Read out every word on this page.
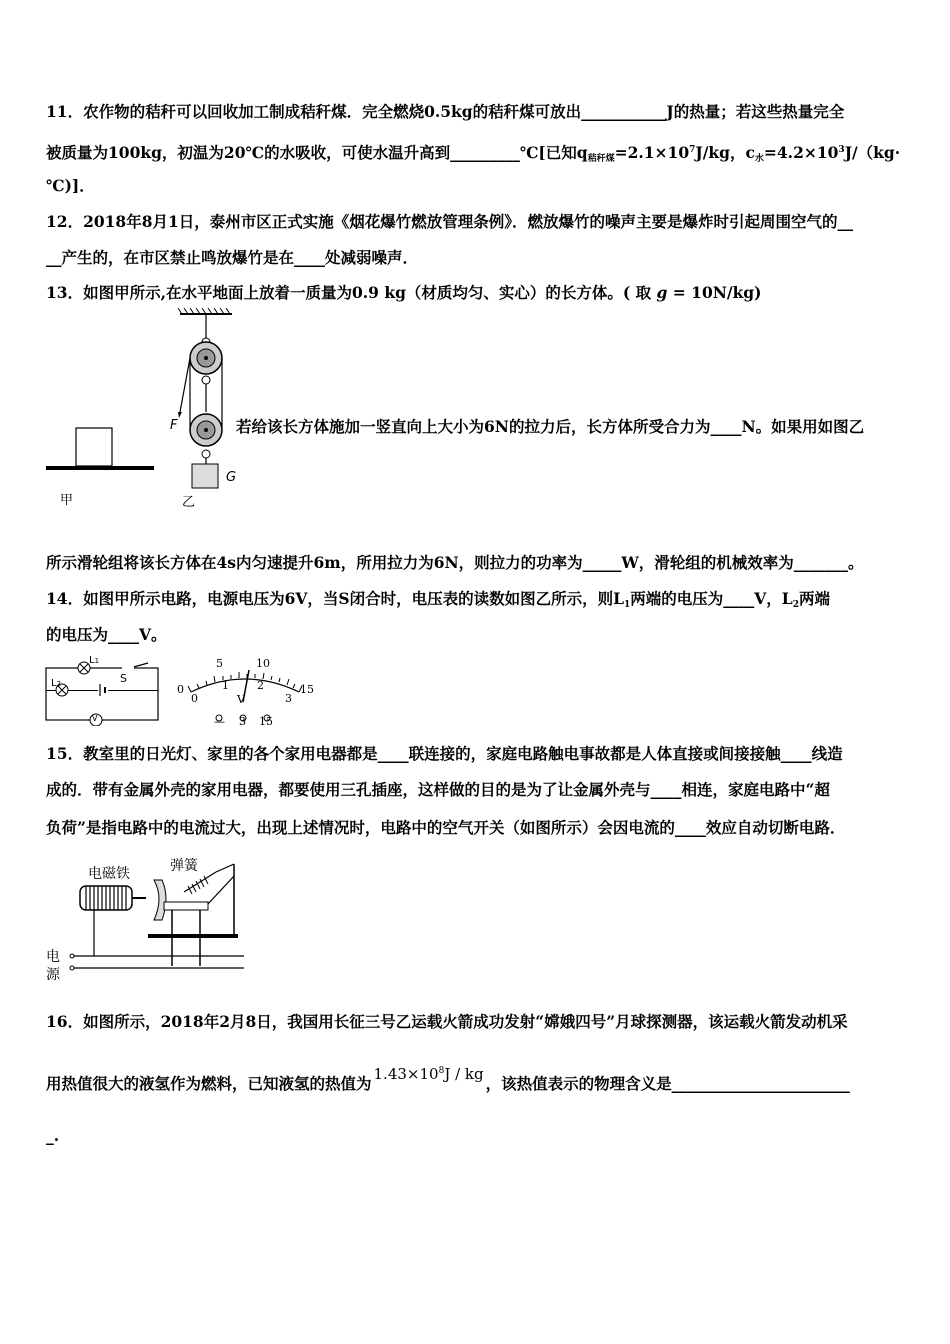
11．农作物的秸秆可以回收加工制成秸秆煤．完全燃烧0.5kg的秸秆煤可放出___________J的热量；若这些热量完全
被质量为100kg，初温为20℃的水吸收，可使水温升高到_________℃[已知$q_{秸秆煤}=2.1\times 10^7J/kg$，$c_水=4.2\times 10^3J/(kg\cdot$
℃)]．
12．2018年8月1日，泰州市区正式实施《烟花爆竹燃放管理条例》．燃放爆竹的噪声主要是爆炸时引起周围空气的__
__产生的，在市区禁止鸣放爆竹是在____处减弱噪声．
13．如图甲所示,在水平地面上放着一质量为0.9 kg（材质均匀、实心）的长方体。( 取 g = 10N/kg)
甲
F
G
乙
若给该长方体施加一竖直向上大小为6N的拉力后，长方体所受合力为____N。如果用如图乙
所示滑轮组将该长方体在4s内匀速提升6m，所用拉力为6N，则拉力的功率为_____W，滑轮组的机械效率为_______。
14．如图甲所示电路，电源电压为6V，当S闭合时，电压表的读数如图乙所示，则$L_1$两端的电压为____V，$L_2$两端
的电压为____V。
L1
L2	S
V
5	10
0	15
0
1	2
3
V
— 3 15
15．教室里的日光灯、家里的各个家用电器都是____联连接的，家庭电路触电事故都是人体直接或间接接触____线造
成的．带有金属外壳的家用电器，都要使用三孔插座，这样做的目的是为了让金属外壳与____相连，家庭电路中“超
负荷”是指电路中的电流过大，出现上述情况时，电路中的空气开关（如图所示）会因电流的____效应自动切断电路．
电磁铁	弹簧
电
源
16．如图所示，2018年2月8日，我国用长征三号乙运载火箭成功发射“嫦娥四号”月球探测器，该运载火箭发动机采
用热值很大的液氢作为燃料，已知液氢的热值为 $1.43\times 10^8J$ / kg ，该热值表示的物理含义是_______________________
_.
